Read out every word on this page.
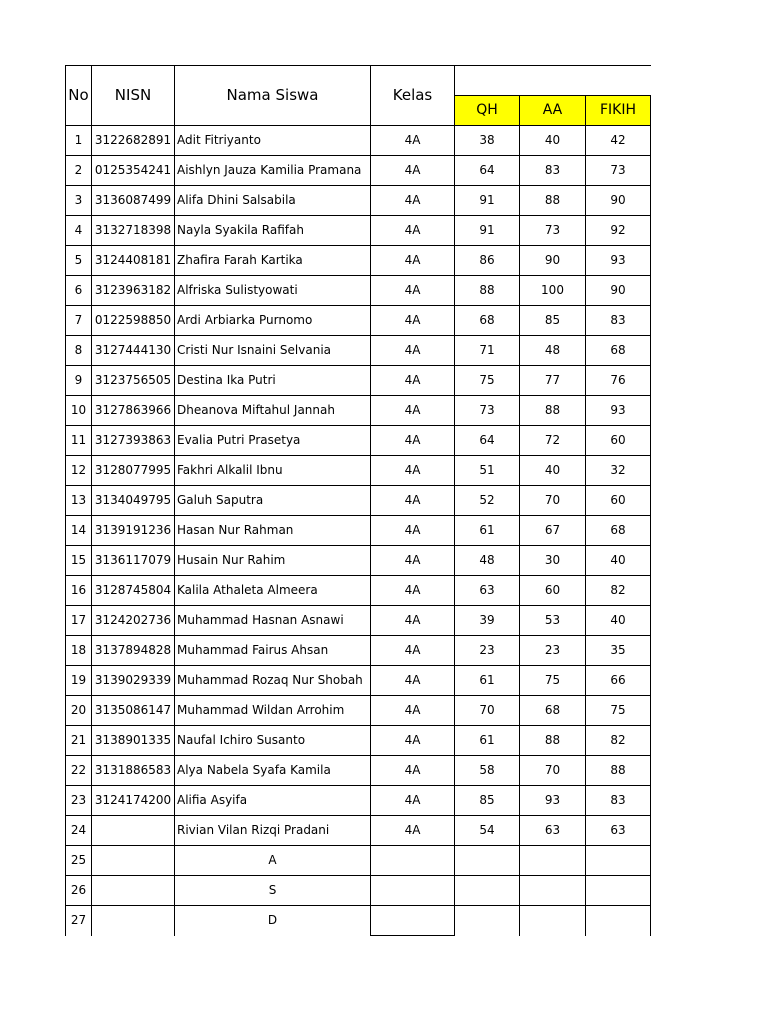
No	NISN	Nama Siswa	Kelas			
				QH	AA	FIKIH
1	3122682891	Adit Fitriyanto	4A	38	40	42
2	0125354241	Aishlyn Jauza Kamilia Pramana	4A	64	83	73
3	3136087499	Alifa Dhini Salsabila	4A	91	88	90
4	3132718398	Nayla Syakila Rafifah	4A	91	73	92
5	3124408181	Zhafira Farah Kartika	4A	86	90	93
6	3123963182	Alfriska Sulistyowati	4A	88	100	90
7	0122598850	Ardi Arbiarka Purnomo	4A	68	85	83
8	3127444130	Cristi Nur Isnaini Selvania	4A	71	48	68
9	3123756505	Destina Ika Putri	4A	75	77	76
10	3127863966	Dheanova Miftahul Jannah	4A	73	88	93
11	3127393863	Evalia Putri Prasetya	4A	64	72	60
12	3128077995	Fakhri Alkalil Ibnu	4A	51	40	32
13	3134049795	Galuh Saputra	4A	52	70	60
14	3139191236	Hasan Nur Rahman	4A	61	67	68
15	3136117079	Husain Nur Rahim	4A	48	30	40
16	3128745804	Kalila Athaleta Almeera	4A	63	60	82
17	3124202736	Muhammad Hasnan Asnawi	4A	39	53	40
18	3137894828	Muhammad Fairus Ahsan	4A	23	23	35
19	3139029339	Muhammad Rozaq Nur Shobah	4A	61	75	66
20	3135086147	Muhammad Wildan Arrohim	4A	70	68	75
21	3138901335	Naufal Ichiro Susanto	4A	61	88	82
22	3131886583	Alya Nabela Syafa Kamila	4A	58	70	88
23	3124174200	Alifia Asyifa	4A	85	93	83
24		Rivian Vilan Rizqi Pradani	4A	54	63	63
25		A				
26		S				
27		D				
